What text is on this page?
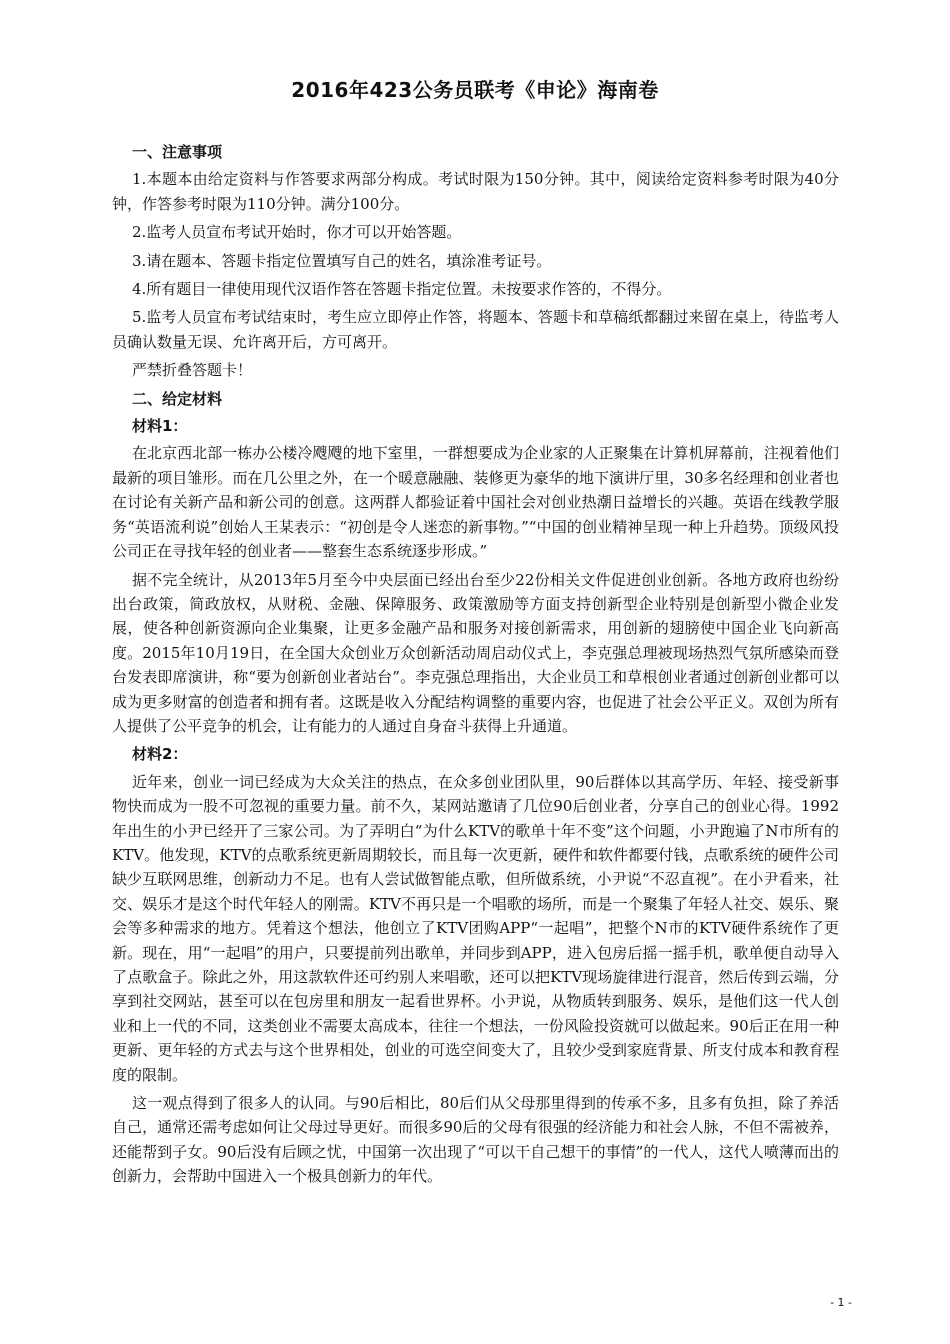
2016年423公务员联考《申论》海南卷

一、注意事项

1.本题本由给定资料与作答要求两部分构成。考试时限为150分钟。其中，阅读给定资料参考时限为40分钟，作答参考时限为110分钟。满分100分。

2.监考人员宣布考试开始时，你才可以开始答题。

3.请在题本、答题卡指定位置填写自己的姓名，填涂准考证号。

4.所有题目一律使用现代汉语作答在答题卡指定位置。未按要求作答的，不得分。

5.监考人员宣布考试结束时，考生应立即停止作答，将题本、答题卡和草稿纸都翻过来留在桌上，待监考人员确认数量无误、允许离开后，方可离开。

严禁折叠答题卡！

二、给定材料

材料1：

在北京西北部一栋办公楼冷飕飕的地下室里，一群想要成为企业家的人正聚集在计算机屏幕前，注视着他们最新的项目雏形。而在几公里之外，在一个暖意融融、装修更为豪华的地下演讲厅里，30多名经理和创业者也在讨论有关新产品和新公司的创意。这两群人都验证着中国社会对创业热潮日益增长的兴趣。英语在线教学服务“英语流利说”创始人王某表示：“初创是令人迷恋的新事物。”“中国的创业精神呈现一种上升趋势。顶级风投公司正在寻找年轻的创业者——整套生态系统逐步形成。”

据不完全统计，从2013年5月至今中央层面已经出台至少22份相关文件促进创业创新。各地方政府也纷纷出台政策，简政放权，从财税、金融、保障服务、政策激励等方面支持创新型企业特别是创新型小微企业发展，使各种创新资源向企业集聚，让更多金融产品和服务对接创新需求，用创新的翅膀使中国企业飞向新高度。2015年10月19日，在全国大众创业万众创新活动周启动仪式上，李克强总理被现场热烈气氛所感染而登台发表即席演讲，称“要为创新创业者站台”。李克强总理指出，大企业员工和草根创业者通过创新创业都可以成为更多财富的创造者和拥有者。这既是收入分配结构调整的重要内容，也促进了社会公平正义。双创为所有人提供了公平竞争的机会，让有能力的人通过自身奋斗获得上升通道。

材料2：

近年来，创业一词已经成为大众关注的热点，在众多创业团队里，90后群体以其高学历、年轻、接受新事物快而成为一股不可忽视的重要力量。前不久，某网站邀请了几位90后创业者，分享自己的创业心得。1992年出生的小尹已经开了三家公司。为了弄明白“为什么KTV的歌单十年不变”这个问题，小尹跑遍了N市所有的KTV。他发现，KTV的点歌系统更新周期较长，而且每一次更新，硬件和软件都要付钱，点歌系统的硬件公司缺少互联网思维，创新动力不足。也有人尝试做智能点歌，但所做系统，小尹说“不忍直视”。在小尹看来，社交、娱乐才是这个时代年轻人的刚需。KTV不再只是一个唱歌的场所，而是一个聚集了年轻人社交、娱乐、聚会等多种需求的地方。凭着这个想法，他创立了KTV团购APP“一起唱”，把整个N市的KTV硬件系统作了更新。现在，用“一起唱”的用户，只要提前列出歌单，并同步到APP，进入包房后摇一摇手机，歌单便自动导入了点歌盒子。除此之外，用这款软件还可约别人来唱歌，还可以把KTV现场旋律进行混音，然后传到云端，分享到社交网站，甚至可以在包房里和朋友一起看世界杯。小尹说，从物质转到服务、娱乐，是他们这一代人创业和上一代的不同，这类创业不需要太高成本，往往一个想法，一份风险投资就可以做起来。90后正在用一种更新、更年轻的方式去与这个世界相处，创业的可选空间变大了，且较少受到家庭背景、所支付成本和教育程度的限制。

这一观点得到了很多人的认同。与90后相比，80后们从父母那里得到的传承不多，且多有负担，除了养活自己，通常还需考虑如何让父母过导更好。而很多90后的父母有很强的经济能力和社会人脉，不但不需被养，还能帮到子女。90后没有后顾之忧，中国第一次出现了“可以干自己想干的事情”的一代人，这代人喷薄而出的创新力，会帮助中国进入一个极具创新力的年代。

- 1 -
